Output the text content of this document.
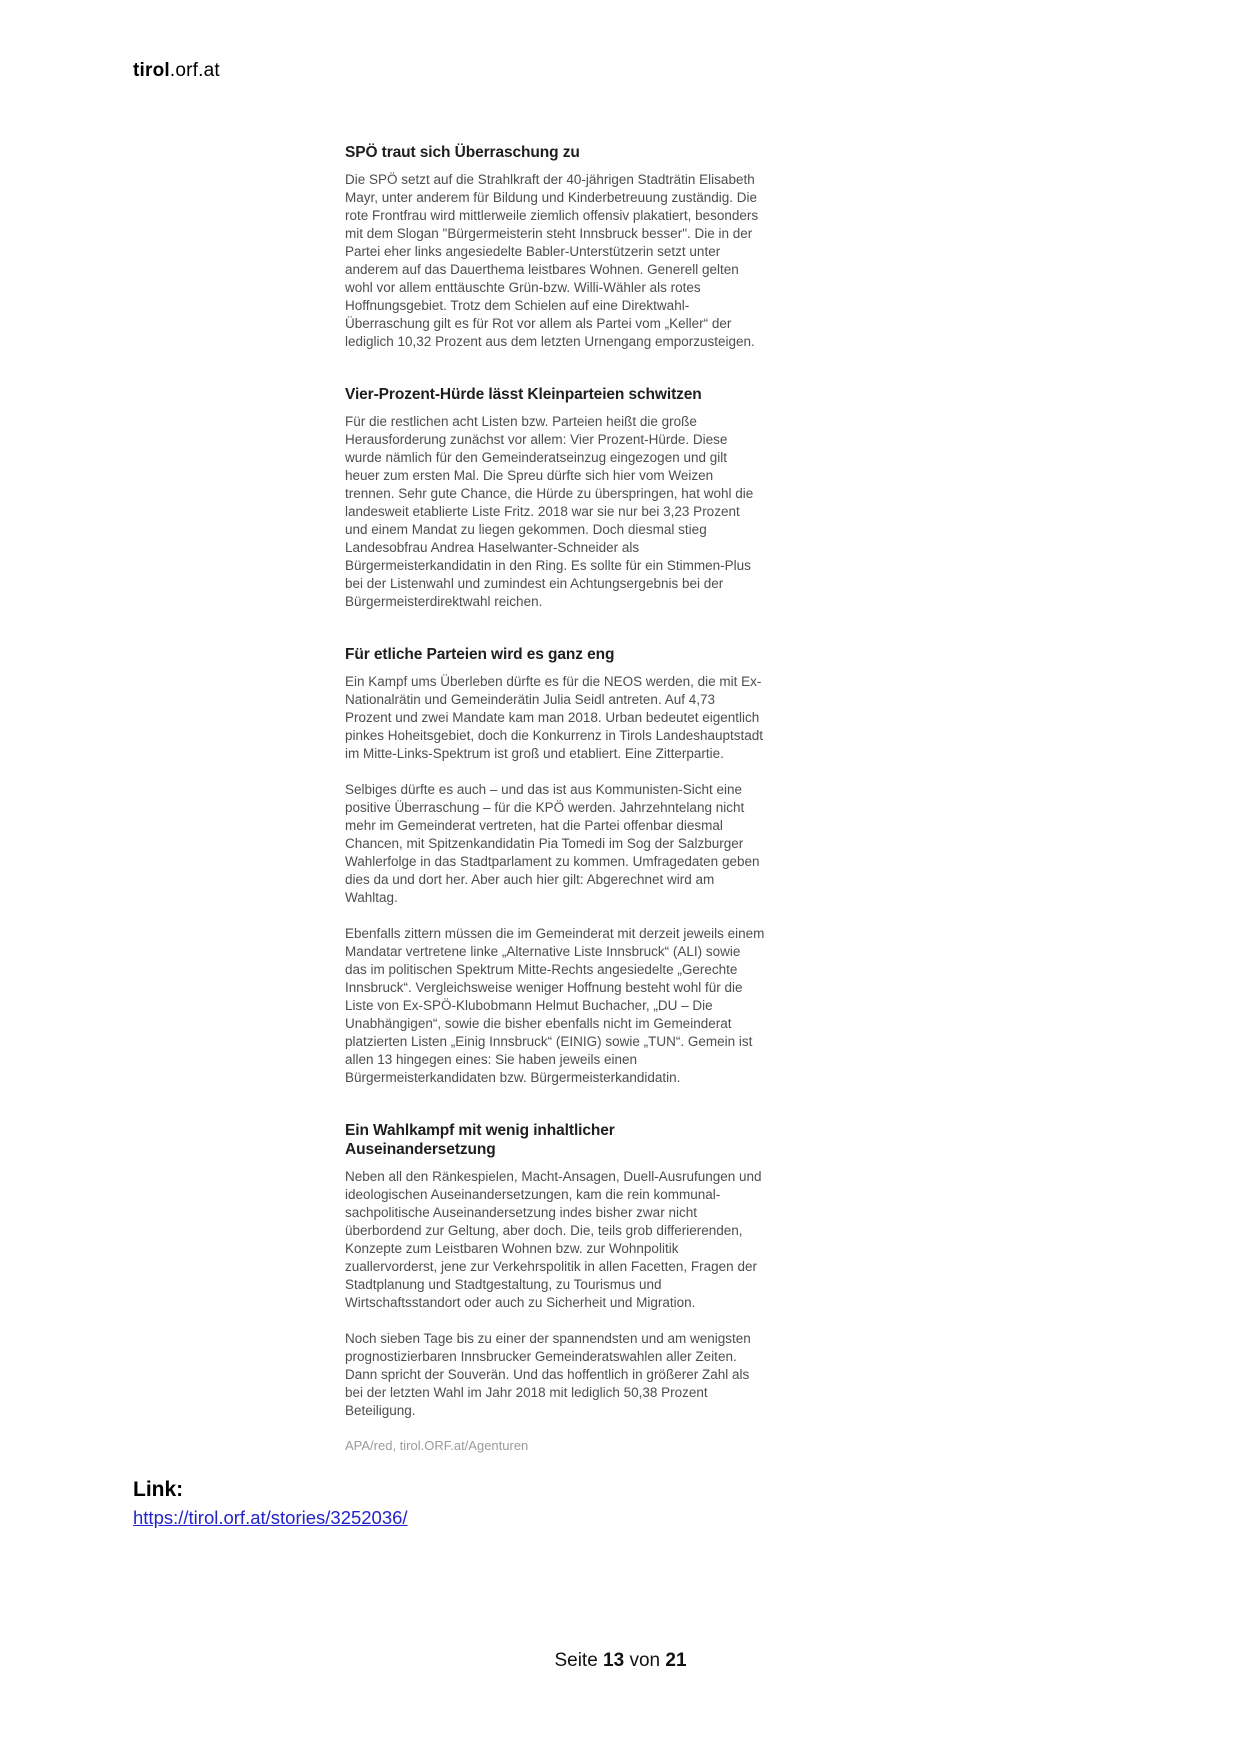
tirol.orf.at
SPÖ traut sich Überraschung zu

Die SPÖ setzt auf die Strahlkraft der 40-jährigen Stadträtin Elisabeth Mayr, unter anderem für Bildung und Kinderbetreuung zuständig. Die rote Frontfrau wird mittlerweile ziemlich offensiv plakatiert, besonders mit dem Slogan "Bürgermeisterin steht Innsbruck besser". Die in der Partei eher links angesiedelte Babler-Unterstützerin setzt unter anderem auf das Dauerthema leistbares Wohnen. Generell gelten wohl vor allem enttäuschte Grün-bzw. Willi-Wähler als rotes Hoffnungsgebiet. Trotz dem Schielen auf eine Direktwahl-Überraschung gilt es für Rot vor allem als Partei vom „Keller“ der lediglich 10,32 Prozent aus dem letzten Urnengang emporzusteigen.

Vier-Prozent-Hürde lässt Kleinparteien schwitzen

Für die restlichen acht Listen bzw. Parteien heißt die große Herausforderung zunächst vor allem: Vier Prozent-Hürde. Diese wurde nämlich für den Gemeinderatseinzug eingezogen und gilt heuer zum ersten Mal. Die Spreu dürfte sich hier vom Weizen trennen. Sehr gute Chance, die Hürde zu überspringen, hat wohl die landesweit etablierte Liste Fritz. 2018 war sie nur bei 3,23 Prozent und einem Mandat zu liegen gekommen. Doch diesmal stieg Landesobfrau Andrea Haselwanter-Schneider als Bürgermeisterkandidatin in den Ring. Es sollte für ein Stimmen-Plus bei der Listenwahl und zumindest ein Achtungsergebnis bei der Bürgermeisterdirektwahl reichen.

Für etliche Parteien wird es ganz eng

Ein Kampf ums Überleben dürfte es für die NEOS werden, die mit Ex-Nationalrätin und Gemeinderätin Julia Seidl antreten. Auf 4,73 Prozent und zwei Mandate kam man 2018. Urban bedeutet eigentlich pinkes Hoheitsgebiet, doch die Konkurrenz in Tirols Landeshauptstadt im Mitte-Links-Spektrum ist groß und etabliert. Eine Zitterpartie.

Selbiges dürfte es auch – und das ist aus Kommunisten-Sicht eine positive Überraschung – für die KPÖ werden. Jahrzehntelang nicht mehr im Gemeinderat vertreten, hat die Partei offenbar diesmal Chancen, mit Spitzenkandidatin Pia Tomedi im Sog der Salzburger Wahlerfolge in das Stadtparlament zu kommen. Umfragedaten geben dies da und dort her. Aber auch hier gilt: Abgerechnet wird am Wahltag.

Ebenfalls zittern müssen die im Gemeinderat mit derzeit jeweils einem Mandatar vertretene linke „Alternative Liste Innsbruck“ (ALI) sowie das im politischen Spektrum Mitte-Rechts angesiedelte „Gerechte Innsbruck“. Vergleichsweise weniger Hoffnung besteht wohl für die Liste von Ex-SPÖ-Klubobmann Helmut Buchacher, „DU – Die Unabhängigen“, sowie die bisher ebenfalls nicht im Gemeinderat platzierten Listen „Einig Innsbruck“ (EINIG) sowie „TUN“. Gemein ist allen 13 hingegen eines: Sie haben jeweils einen Bürgermeisterkandidaten bzw. Bürgermeisterkandidatin.

Ein Wahlkampf mit wenig inhaltlicher Auseinandersetzung

Neben all den Ränkespielen, Macht-Ansagen, Duell-Ausrufungen und ideologischen Auseinandersetzungen, kam die rein kommunal-sachpolitische Auseinandersetzung indes bisher zwar nicht überbordend zur Geltung, aber doch. Die, teils grob differierenden, Konzepte zum Leistbaren Wohnen bzw. zur Wohnpolitik zuallervorderst, jene zur Verkehrspolitik in allen Facetten, Fragen der Stadtplanung und Stadtgestaltung, zu Tourismus und Wirtschaftsstandort oder auch zu Sicherheit und Migration.

Noch sieben Tage bis zu einer der spannendsten und am wenigsten prognostizierbaren Innsbrucker Gemeinderatswahlen aller Zeiten. Dann spricht der Souverän. Und das hoffentlich in größerer Zahl als bei der letzten Wahl im Jahr 2018 mit lediglich 50,38 Prozent Beteiligung.

APA/red, tirol.ORF.at/Agenturen
Link:
https://tirol.orf.at/stories/3252036/
Seite 13 von 21
